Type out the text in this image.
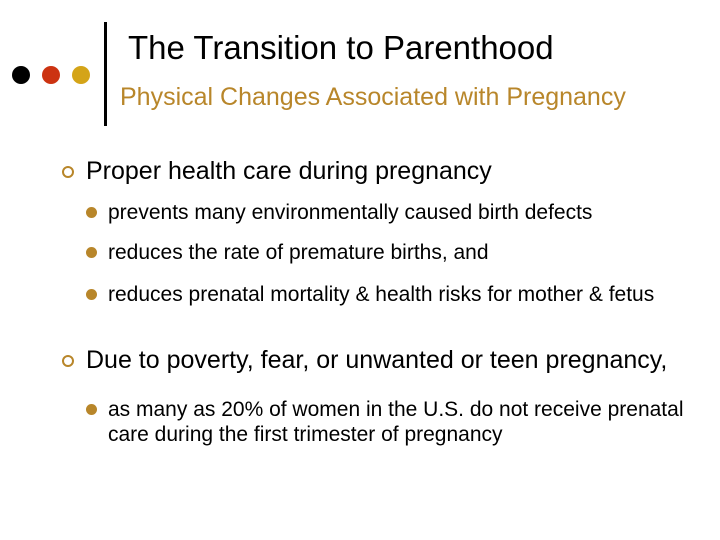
The Transition to Parenthood
Physical Changes Associated with Pregnancy
Proper health care during pregnancy
prevents many environmentally caused birth defects
reduces the rate of premature births, and
reduces prenatal mortality & health risks for mother & fetus
Due to poverty, fear, or unwanted or teen pregnancy,
as many as 20% of women in the U.S. do not receive prenatal care during the first trimester of pregnancy
